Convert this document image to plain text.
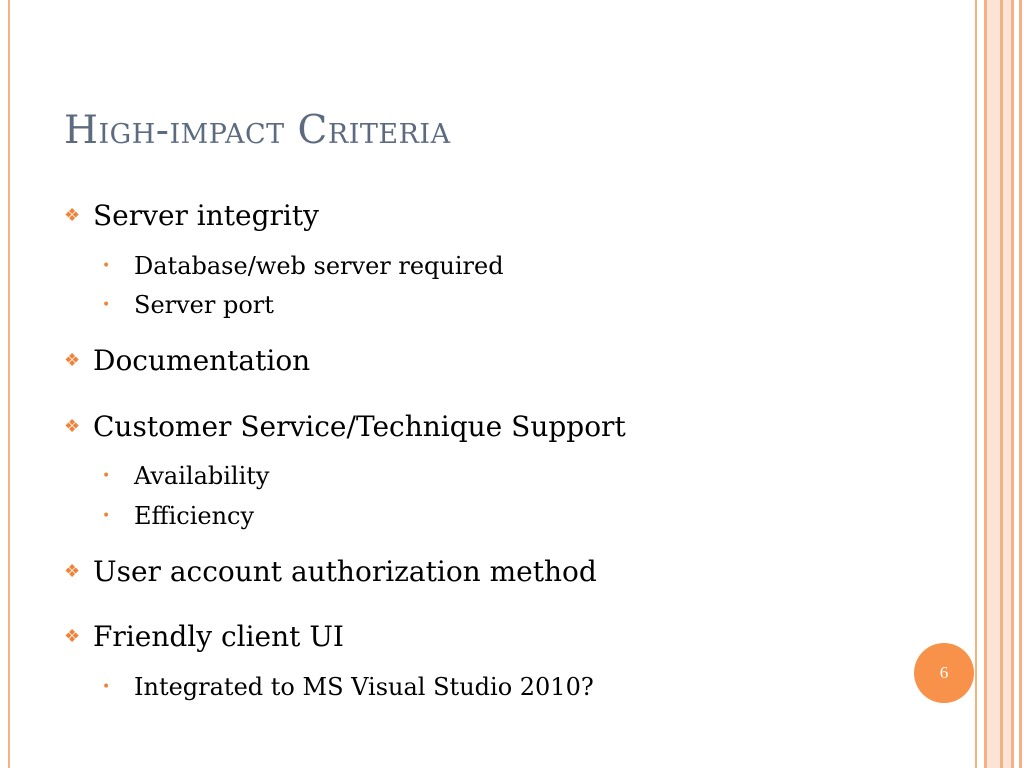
High-impact Criteria
❖ Server integrity
• Database/web server required
• Server port
❖ Documentation
❖ Customer Service/Technique Support
• Availability
• Efficiency
❖ User account authorization method
❖ Friendly client UI
• Integrated to MS Visual Studio 2010?
6
